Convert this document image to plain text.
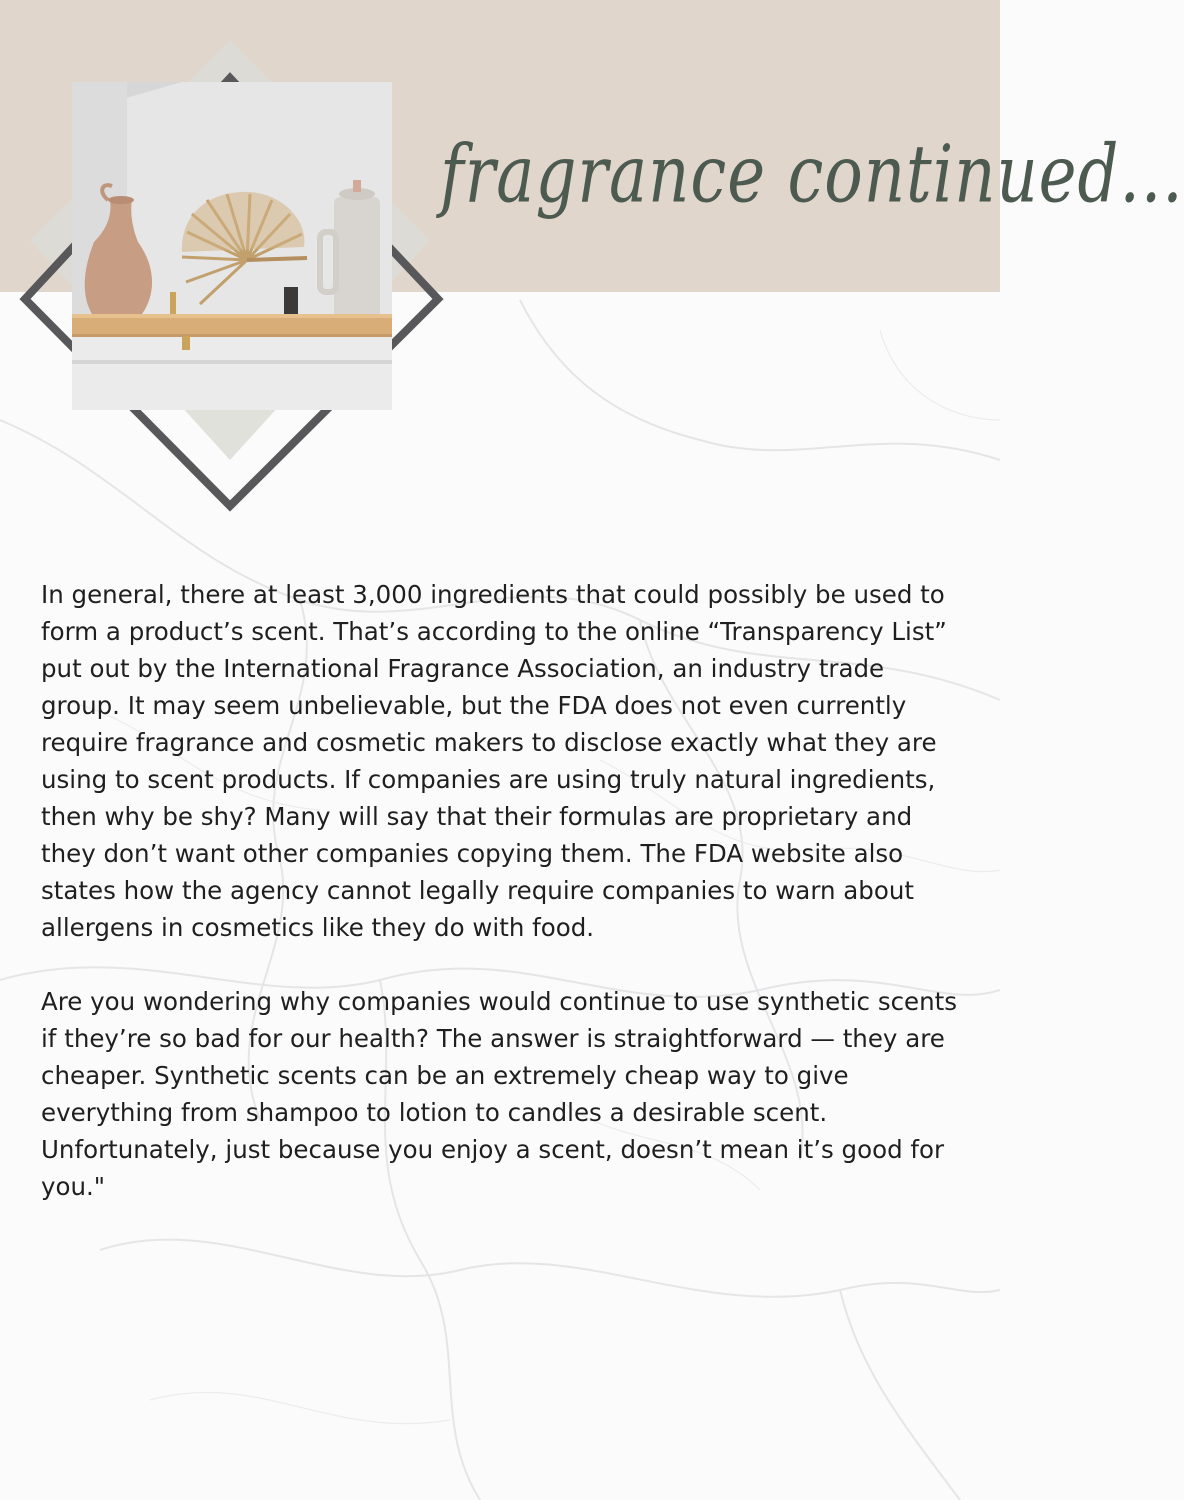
fragrance continued...

In general, there at least 3,000 ingredients that could possibly be used to form a product’s scent. That’s according to the online “Transparency List” put out by the International Fragrance Association, an industry trade group. It may seem unbelievable, but the FDA does not even currently require fragrance and cosmetic makers to disclose exactly what they are using to scent products. If companies are using truly natural ingredients, then why be shy? Many will say that their formulas are proprietary and they don’t want other companies copying them. The FDA website also states how the agency cannot legally require companies to warn about allergens in cosmetics like they do with food.

Are you wondering why companies would continue to use synthetic scents if they’re so bad for our health? The answer is straightforward — they are cheaper. Synthetic scents can be an extremely cheap way to give everything from shampoo to lotion to candles a desirable scent. Unfortunately, just because you enjoy a scent, doesn’t mean it’s good for you."
